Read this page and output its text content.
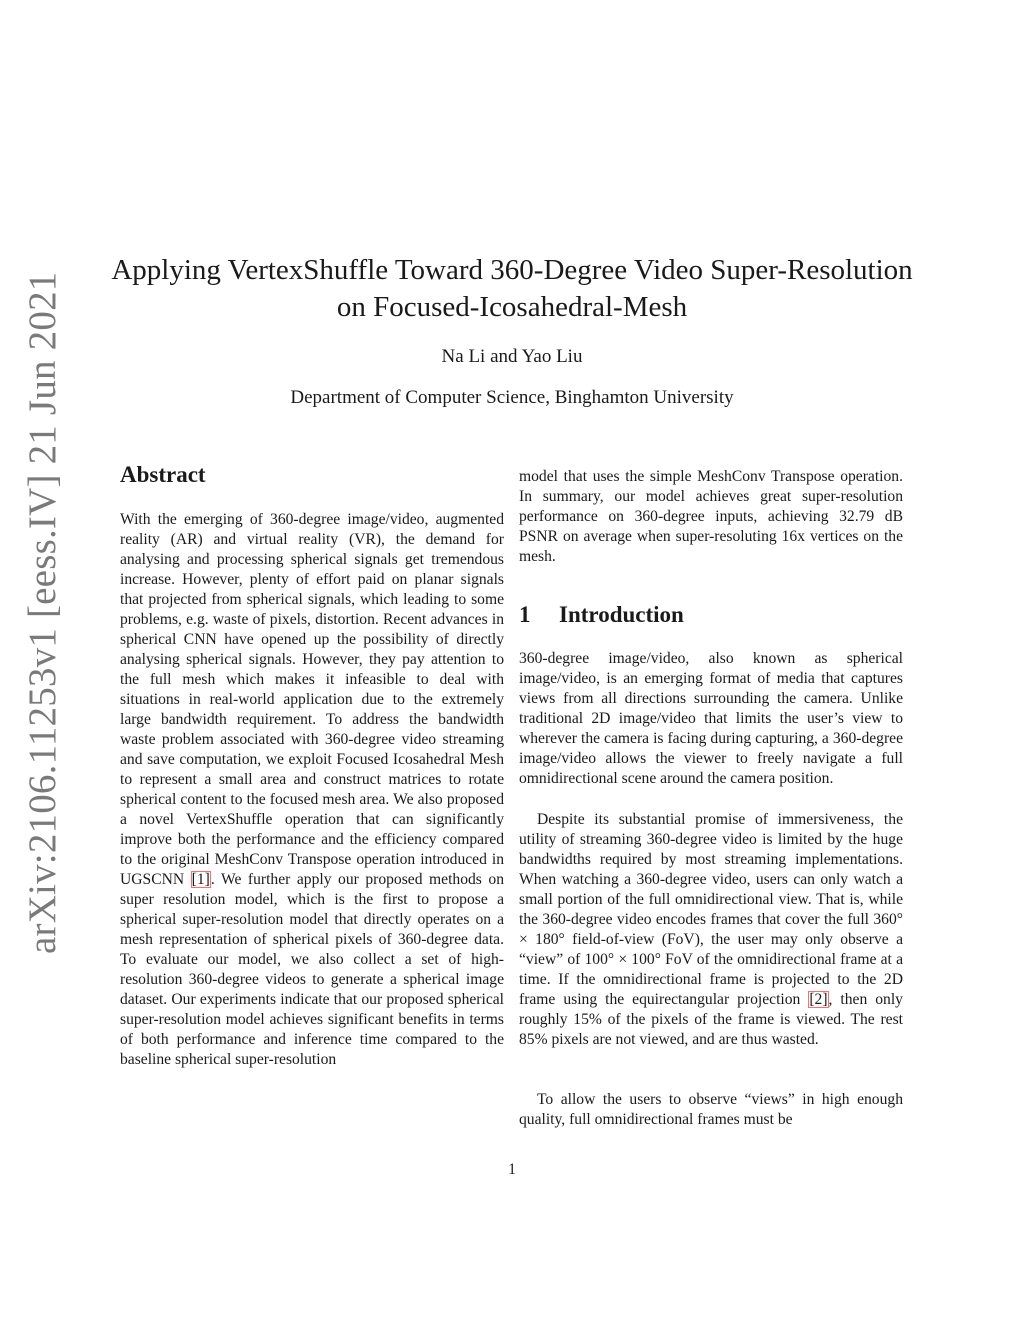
arXiv:2106.11253v1 [eess.IV] 21 Jun 2021
Applying VertexShuffle Toward 360-Degree Video Super-Resolution
on Focused-Icosahedral-Mesh
Na Li and Yao Liu
Department of Computer Science, Binghamton University
Abstract

With the emerging of 360-degree image/video, augmented reality (AR) and virtual reality (VR), the demand for analysing and processing spherical signals get tremendous increase. However, plenty of effort paid on planar signals that projected from spherical signals, which leading to some problems, e.g. waste of pixels, distortion. Recent advances in spherical CNN have opened up the possibility of directly analysing spherical signals. However, they pay attention to the full mesh which makes it infeasible to deal with situations in real-world application due to the extremely large bandwidth requirement. To address the bandwidth waste problem associated with 360-degree video streaming and save computation, we exploit Focused Icosahedral Mesh to represent a small area and construct matrices to rotate spherical content to the focused mesh area. We also proposed a novel VertexShuffle operation that can significantly improve both the performance and the efficiency compared to the original MeshConv Transpose operation introduced in UGSCNN [1]. We further apply our proposed methods on super resolution model, which is the first to propose a spherical super-resolution model that directly operates on a mesh representation of spherical pixels of 360-degree data. To evaluate our model, we also collect a set of high-resolution 360-degree videos to generate a spherical image dataset. Our experiments indicate that our proposed spherical super-resolution model achieves significant benefits in terms of both performance and inference time compared to the baseline spherical super-resolution

model that uses the simple MeshConv Transpose operation. In summary, our model achieves great super-resolution performance on 360-degree inputs, achieving 32.79 dB PSNR on average when super-resoluting 16x vertices on the mesh.

1 Introduction

360-degree image/video, also known as spherical image/video, is an emerging format of media that captures views from all directions surrounding the camera. Unlike traditional 2D image/video that limits the user’s view to wherever the camera is facing during capturing, a 360-degree image/video allows the viewer to freely navigate a full omnidirectional scene around the camera position.

Despite its substantial promise of immersiveness, the utility of streaming 360-degree video is limited by the huge bandwidths required by most streaming implementations. When watching a 360-degree video, users can only watch a small portion of the full omnidirectional view. That is, while the 360-degree video encodes frames that cover the full 360° × 180° field-of-view (FoV), the user may only observe a “view” of 100° × 100° FoV of the omnidirectional frame at a time. If the omnidirectional frame is projected to the 2D frame using the equirectangular projection [2], then only roughly 15% of the pixels of the frame is viewed. The rest 85% pixels are not viewed, and are thus wasted.

To allow the users to observe “views” in high enough quality, full omnidirectional frames must be

1
